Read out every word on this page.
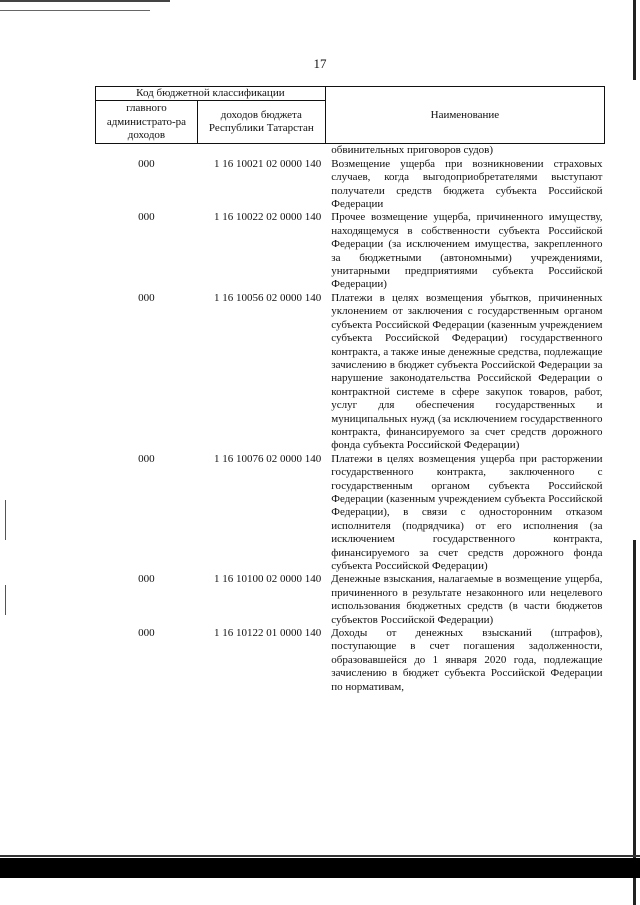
17
Код бюджетной классификации		Наименование
главного администрато-ра доходов	доходов бюджета Республики Татарстан	
		обвинительных приговоров судов)
000	1 16 10021 02 0000 140	Возмещение ущерба при возникновении страховых случаев, когда выгодоприобретателями выступают получатели средств бюджета субъекта Российской Федерации
000	1 16 10022 02 0000 140	Прочее возмещение ущерба, причиненного имуществу, находящемуся в собственности субъекта Российской Федерации (за исключением имущества, закрепленного за бюджетными (автономными) учреждениями, унитарными предприятиями субъекта Российской Федерации)
000	1 16 10056 02 0000 140	Платежи в целях возмещения убытков, причиненных уклонением от заключения с государственным органом субъекта Российской Федерации (казенным учреждением субъекта Российской Федерации) государственного контракта, а также иные денежные средства, подлежащие зачислению в бюджет субъекта Российской Федерации за нарушение законодательства Российской Федерации о контрактной системе в сфере закупок товаров, работ, услуг для обеспечения государственных и муниципальных нужд (за исключением государственного контракта, финансируемого за счет средств дорожного фонда субъекта Российской Федерации)
000	1 16 10076 02 0000 140	Платежи в целях возмещения ущерба при расторжении государственного контракта, заключенного с государственным органом субъекта Российской Федерации (казенным учреждением субъекта Российской Федерации), в связи с односторонним отказом исполнителя (подрядчика) от его исполнения (за исключением государственного контракта, финансируемого за счет средств дорожного фонда субъекта Российской Федерации)
000	1 16 10100 02 0000 140	Денежные взыскания, налагаемые в возмещение ущерба, причиненного в результате незаконного или нецелевого использования бюджетных средств (в части бюджетов субъектов Российской Федерации)
000	1 16 10122 01 0000 140	Доходы от денежных взысканий (штрафов), поступающие в счет погашения задолженности, образовавшейся до 1 января 2020 года, подлежащие зачислению в бюджет субъекта Российской Федерации по нормативам,
